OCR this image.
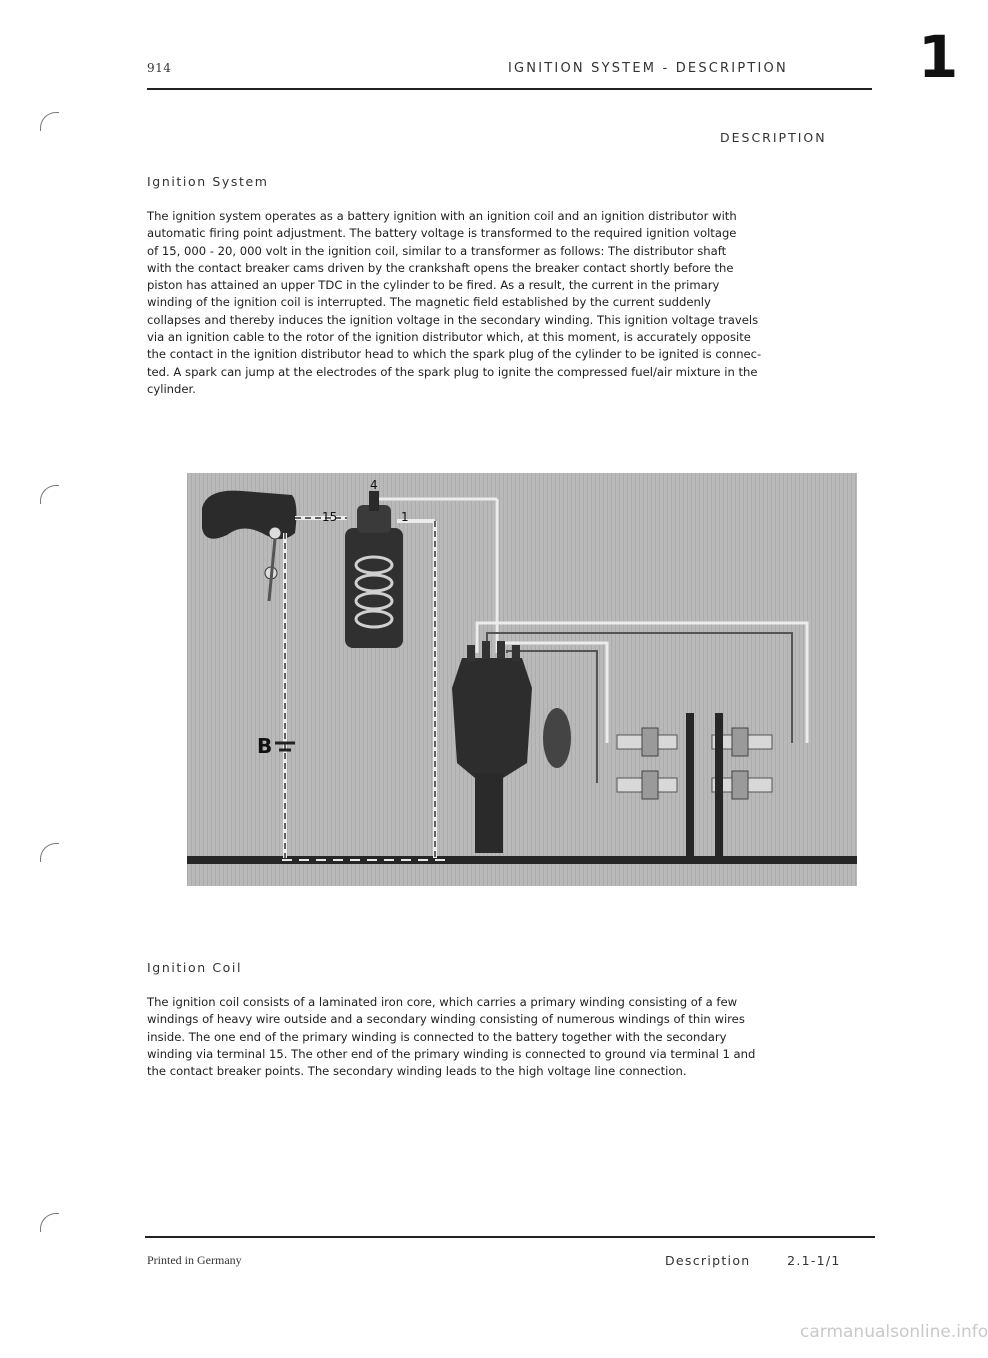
914	IGNITION SYSTEM - DESCRIPTION 1
DESCRIPTION
Ignition System

The ignition system operates as a battery ignition with an ignition coil and an ignition distributor with

automatic firing point adjustment. The battery voltage is transformed to the required ignition voltage

of 15, 000 - 20, 000 volt in the ignition coil, similar to a transformer as follows: The distributor shaft

with the contact breaker cams driven by the crankshaft opens the breaker contact shortly before the

piston has attained an upper TDC in the cylinder to be fired. As a result, the current in the primary

winding of the ignition coil is interrupted. The magnetic field established by the current suddenly

collapses and thereby induces the ignition voltage in the secondary winding. This ignition voltage travels

via an ignition cable to the rotor of the ignition distributor which, at this moment, is accurately opposite

the contact in the ignition distributor head to which the spark plug of the cylinder to be ignited is connec-

ted. A spark can jump at the electrodes of the spark plug to ignite the compressed fuel/air mixture in the

cylinder.

15	1
4
B
Ignition Coil

The ignition coil consists of a laminated iron core, which carries a primary winding consisting of a few

windings of heavy wire outside and a secondary winding consisting of numerous windings of thin wires

inside. The one end of the primary winding is connected to the battery together with the secondary

winding via terminal 15. The other end of the primary winding is connected to ground via terminal 1 and

the contact breaker points. The secondary winding leads to the high voltage line connection.

Printed in Germany	Description	2.1-1/1
carmanualsonline.info
